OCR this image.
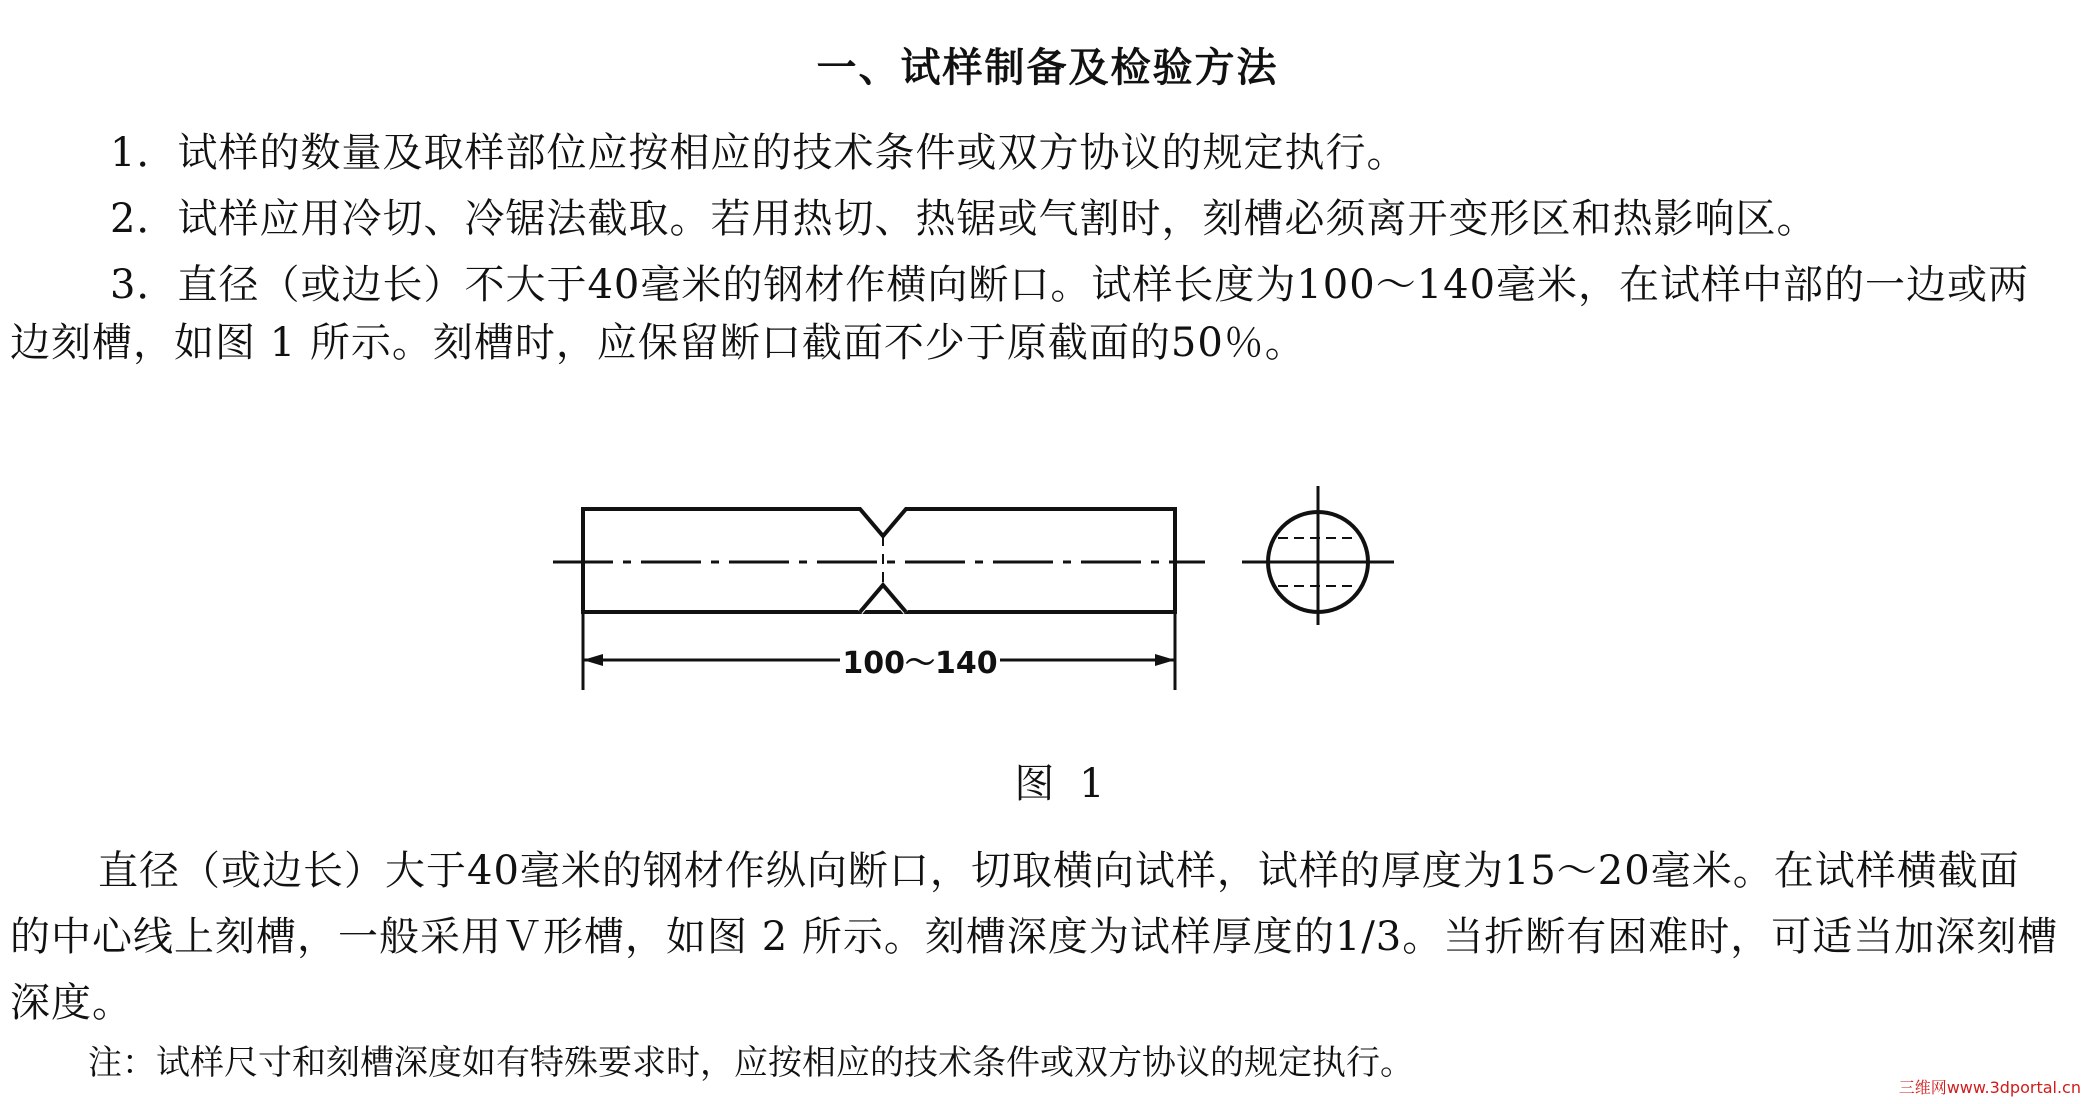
一、试样制备及检验方法
1．试样的数量及取样部位应按相应的技术条件或双方协议的规定执行。
2．试样应用冷切、冷锯法截取。若用热切、热锯或气割时，刻槽必须离开变形区和热影响区。
3．直径（或边长）不大于40毫米的钢材作横向断口。试样长度为100～140毫米，在试样中部的一边或两边刻槽，如图 1 所示。刻槽时，应保留断口截面不少于原截面的50％。
100～140
图 1
直径（或边长）大于40毫米的钢材作纵向断口，切取横向试样，试样的厚度为15～20毫米。在试样横截面的中心线上刻槽，一般采用Ｖ形槽，如图 2 所示。刻槽深度为试样厚度的1/3。当折断有困难时，可适当加深刻槽深度。
注：试样尺寸和刻槽深度如有特殊要求时，应按相应的技术条件或双方协议的规定执行。
三维网www.3dportal.cn
